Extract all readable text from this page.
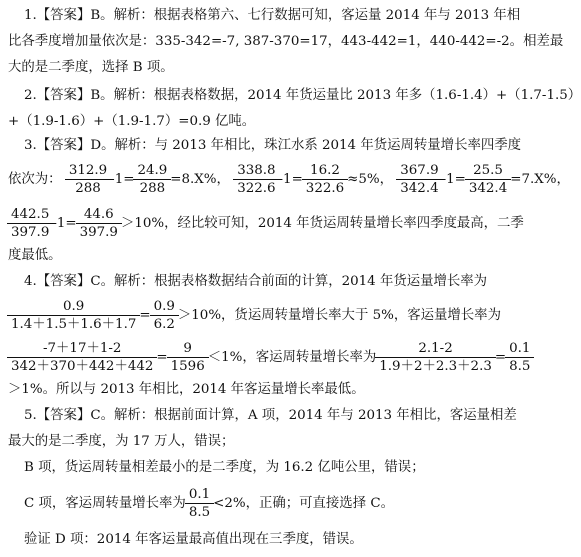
1.【答案】B。解析：根据表格第六、七行数据可知，客运量 2014 年与 2013 年相
比各季度增加量依次是：335-342=-7, 387-370=17，443-442=1，440-442=-2。相差最
大的是二季度，选择 B 项。
2.【答案】B。解析：根据表格数据，2014 年货运量比 2013 年多（1.6-1.4）+（1.7-1.5）
+（1.9-1.6）+（1.9-1.7）=0.9 亿吨。
3.【答案】D。解析：与 2013 年相比，珠江水系 2014 年货运周转量增长率四季度
依次为： $\frac{312.9}{288} -1= \frac{24.9}{288} =8.X\%$， $\frac{338.8}{322.6} -1= \frac{16.2}{322.6} \approx 5\%$， $\frac{367.9}{342.4} -1= \frac{25.5}{342.4} =7.X\%$，
$\frac{442.5}{397.9} -1= \frac{44.6}{397.9} >10\%$，经比较可知，2014 年货运周转量增长率四季度最高，二季
度最低。
4.【答案】C。解析：根据表格数据结合前面的计算，2014 年货运量增长率为
$\frac{0.9}{1.4+1.5+1.6+1.7} = \frac{0.9}{6.2} >10\%$，货运周转量增长率大于 5%，客运量增长率为
$\frac{-7+17+1-2}{342+370+442+442} = \frac{9}{1596} <1\%$，客运周转量增长率为 $\frac{2.1-2}{1.9+2+2.3+2.3} = \frac{0.1}{8.5}$
＞1%。所以与 2013 年相比，2014 年客运量增长率最低。
5.【答案】C。解析：根据前面计算，A 项，2014 年与 2013 年相比，客运量相差
最大的是二季度，为 17 万人，错误；
B 项，货运周转量相差最小的是二季度，为 16.2 亿吨公里，错误；
C 项，客运周转量增长率为 $\frac{0.1}{8.5} <2\%$，正确；可直接选择 C。
验证 D 项：2014 年客运量最高值出现在三季度，错误。
